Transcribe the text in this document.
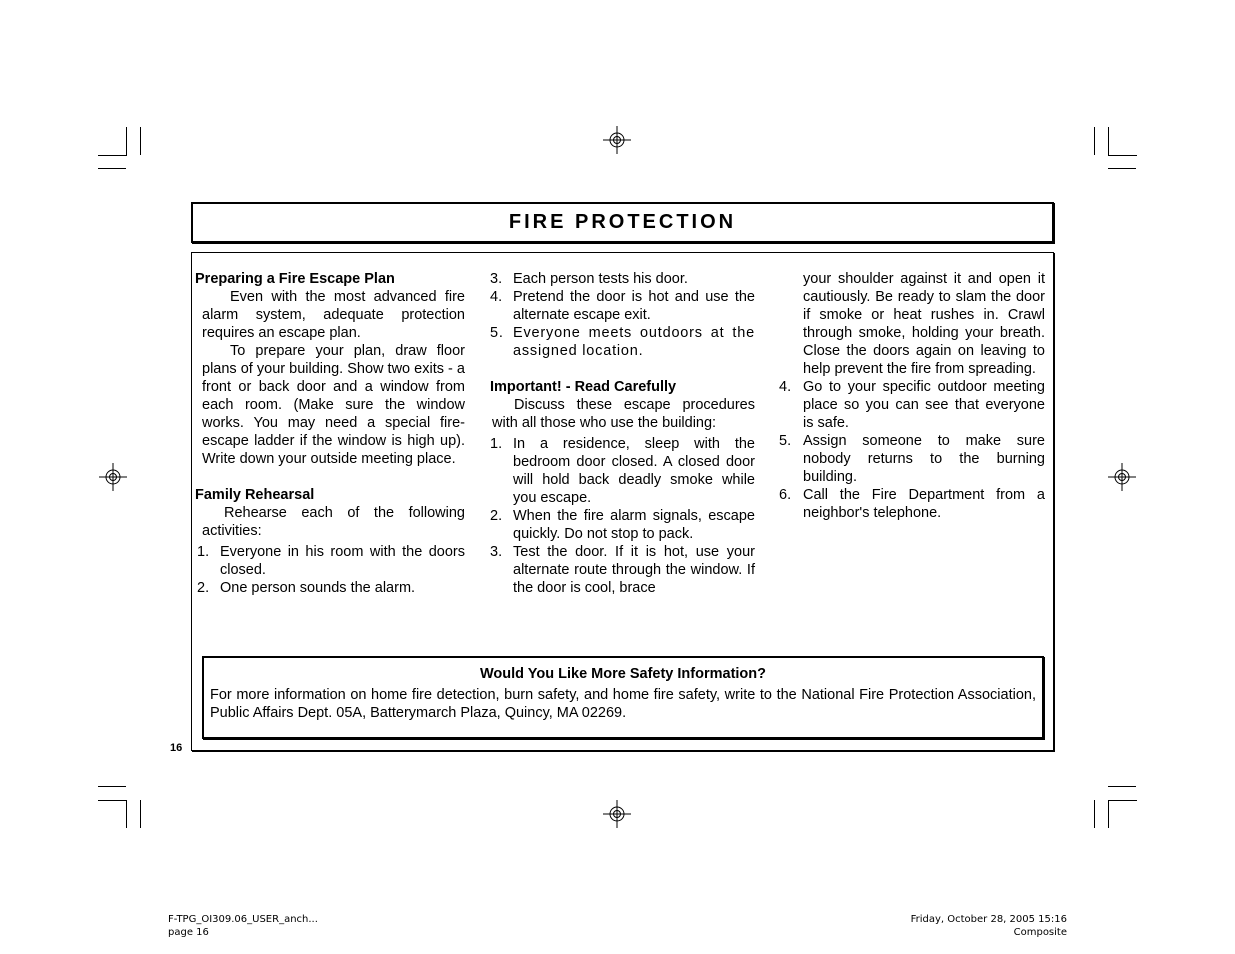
FIRE PROTECTION

Preparing a Fire Escape Plan

Even with the most advanced fire alarm system, adequate protection requires an escape plan.

To prepare your plan, draw floor plans of your building. Show two exits - a front or back door and a window from each room. (Make sure the window works. You may need a special fire-escape ladder if the window is high up). Write down your outside meeting place.

Family Rehearsal

Rehearse each of the following activities:

1. Everyone in his room with the doors closed.
2. One person sounds the alarm.
3. Each person tests his door.
4. Pretend the door is hot and use the alternate escape exit.
5. Everyone meets outdoors at the assigned location.

Important! - Read Carefully

Discuss these escape procedures with all those who use the building:

1. In a residence, sleep with the bedroom door closed. A closed door will hold back deadly smoke while you escape.
2. When the fire alarm signals, escape quickly. Do not stop to pack.
3. Test the door. If it is hot, use your alternate route through the window. If the door is cool, brace

your shoulder against it and open it cautiously. Be ready to slam the door if smoke or heat rushes in. Crawl through smoke, holding your breath. Close the doors again on leaving to help prevent the fire from spreading.

4. Go to your specific outdoor meeting place so you can see that everyone is safe.
5. Assign someone to make sure nobody returns to the burning building.
6. Call the Fire Department from a neighbor's telephone.
Would You Like More Safety Information?
For more information on home fire detection, burn safety, and home fire safety, write to the National Fire Protection Association, Public Affairs Dept. 05A, Batterymarch Plaza, Quincy, MA 02269.
16
F-TPG_OI309.06_USER_anch...
page 16
Friday, October 28, 2005 15:16
Composite
